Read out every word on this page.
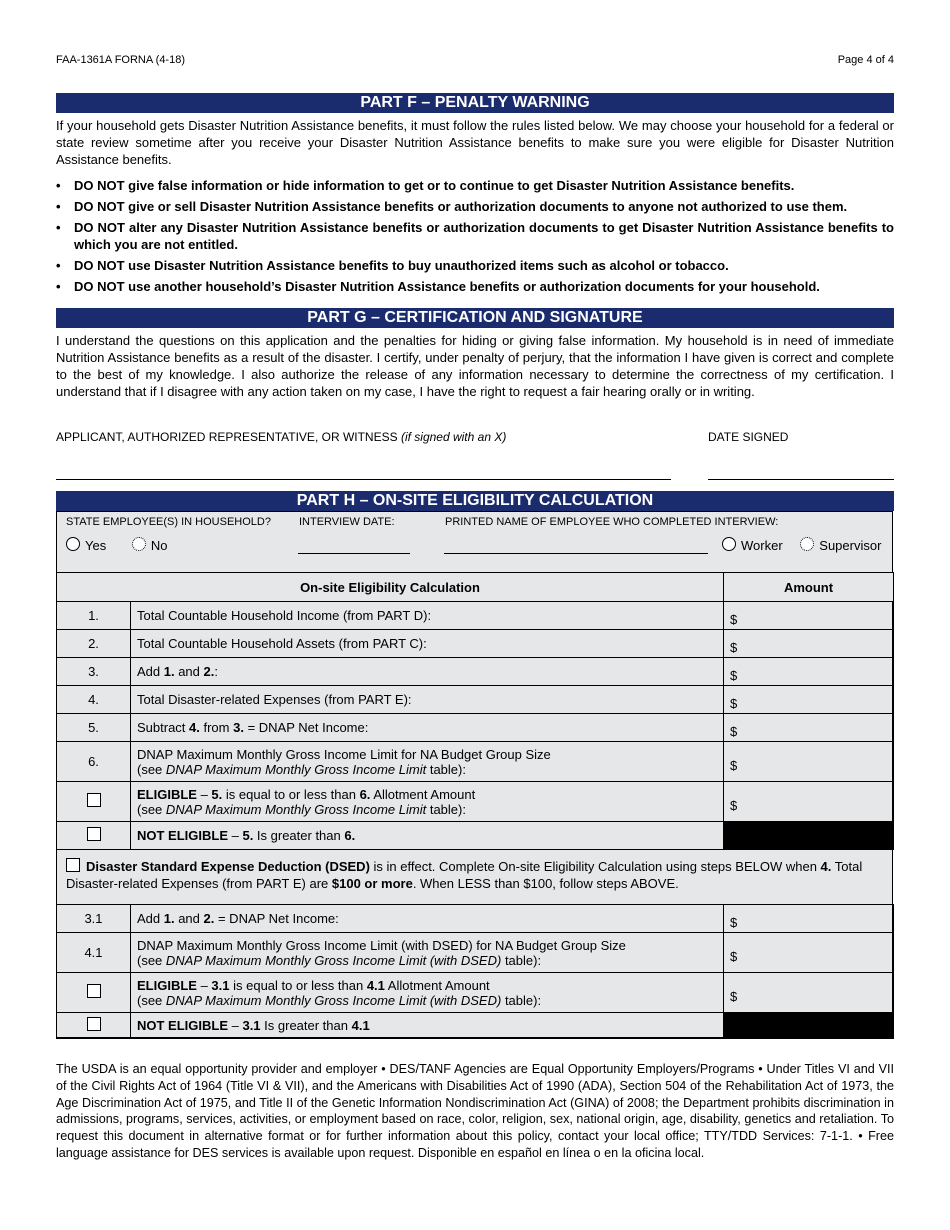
FAA-1361A FORNA (4-18)	Page 4 of 4
PART F – PENALTY WARNING
If your household gets Disaster Nutrition Assistance benefits, it must follow the rules listed below. We may choose your household for a federal or state review sometime after you receive your Disaster Nutrition Assistance benefits to make sure you were eligible for Disaster Nutrition Assistance benefits.
• DO NOT give false information or hide information to get or to continue to get Disaster Nutrition Assistance benefits.
• DO NOT give or sell Disaster Nutrition Assistance benefits or authorization documents to anyone not authorized to use them.
• DO NOT alter any Disaster Nutrition Assistance benefits or authorization documents to get Disaster Nutrition Assistance benefits to which you are not entitled.
• DO NOT use Disaster Nutrition Assistance benefits to buy unauthorized items such as alcohol or tobacco.
• DO NOT use another household’s Disaster Nutrition Assistance benefits or authorization documents for your household.
PART G – CERTIFICATION AND SIGNATURE
I understand the questions on this application and the penalties for hiding or giving false information. My household is in need of immediate Nutrition Assistance benefits as a result of the disaster. I certify, under penalty of perjury, that the information I have given is correct and complete to the best of my knowledge. I also authorize the release of any information necessary to determine the correctness of my certification. I understand that if I disagree with any action taken on my case, I have the right to request a fair hearing orally or in writing.
APPLICANT, AUTHORIZED REPRESENTATIVE, OR WITNESS (if signed with an X)	DATE SIGNED
PART H – ON-SITE ELIGIBILITY CALCULATION
STATE EMPLOYEE(S) IN HOUSEHOLD?
Yes	No
INTERVIEW DATE:	PRINTED NAME OF EMPLOYEE WHO COMPLETED INTERVIEW:
Worker	Supervisor
On-site Eligibility Calculation		Amount
1.	Total Countable Household Income (from PART D):	$
2.	Total Countable Household Assets (from PART C):	$
3.	Add 1. and 2.:	$
4.	Total Disaster-related Expenses (from PART E):	$
5.	Subtract 4. from 3. = DNAP Net Income:	$
6.	DNAP Maximum Monthly Gross Income Limit for NA Budget Group Size
(see DNAP Maximum Monthly Gross Income Limit table):	$
	ELIGIBLE – 5. is equal to or less than 6. Allotment Amount
(see DNAP Maximum Monthly Gross Income Limit table):	$
	NOT ELIGIBLE – 5. Is greater than 6.	
Disaster Standard Expense Deduction (DSED) is in effect. Complete On-site Eligibility Calculation using steps BELOW when 4. Total Disaster-related Expenses (from PART E) are $100 or more. When LESS than $100, follow steps ABOVE.
3.1	Add 1. and 2. = DNAP Net Income:	$
4.1	DNAP Maximum Monthly Gross Income Limit (with DSED) for NA Budget Group Size
(see DNAP Maximum Monthly Gross Income Limit (with DSED) table):	$
	ELIGIBLE – 3.1 is equal to or less than 4.1 Allotment Amount
(see DNAP Maximum Monthly Gross Income Limit (with DSED) table):	$
	NOT ELIGIBLE – 3.1 Is greater than 4.1	
The USDA is an equal opportunity provider and employer • DES/TANF Agencies are Equal Opportunity Employers/Programs • Under Titles VI and VII of the Civil Rights Act of 1964 (Title VI & VII), and the Americans with Disabilities Act of 1990 (ADA), Section 504 of the Rehabilitation Act of 1973, the Age Discrimination Act of 1975, and Title II of the Genetic Information Nondiscrimination Act (GINA) of 2008; the Department prohibits discrimination in admissions, programs, services, activities, or employment based on race, color, religion, sex, national origin, age, disability, genetics and retaliation. To request this document in alternative format or for further information about this policy, contact your local office; TTY/TDD Services: 7-1-1. • Free language assistance for DES services is available upon request. Disponible en español en línea o en la oficina local.
